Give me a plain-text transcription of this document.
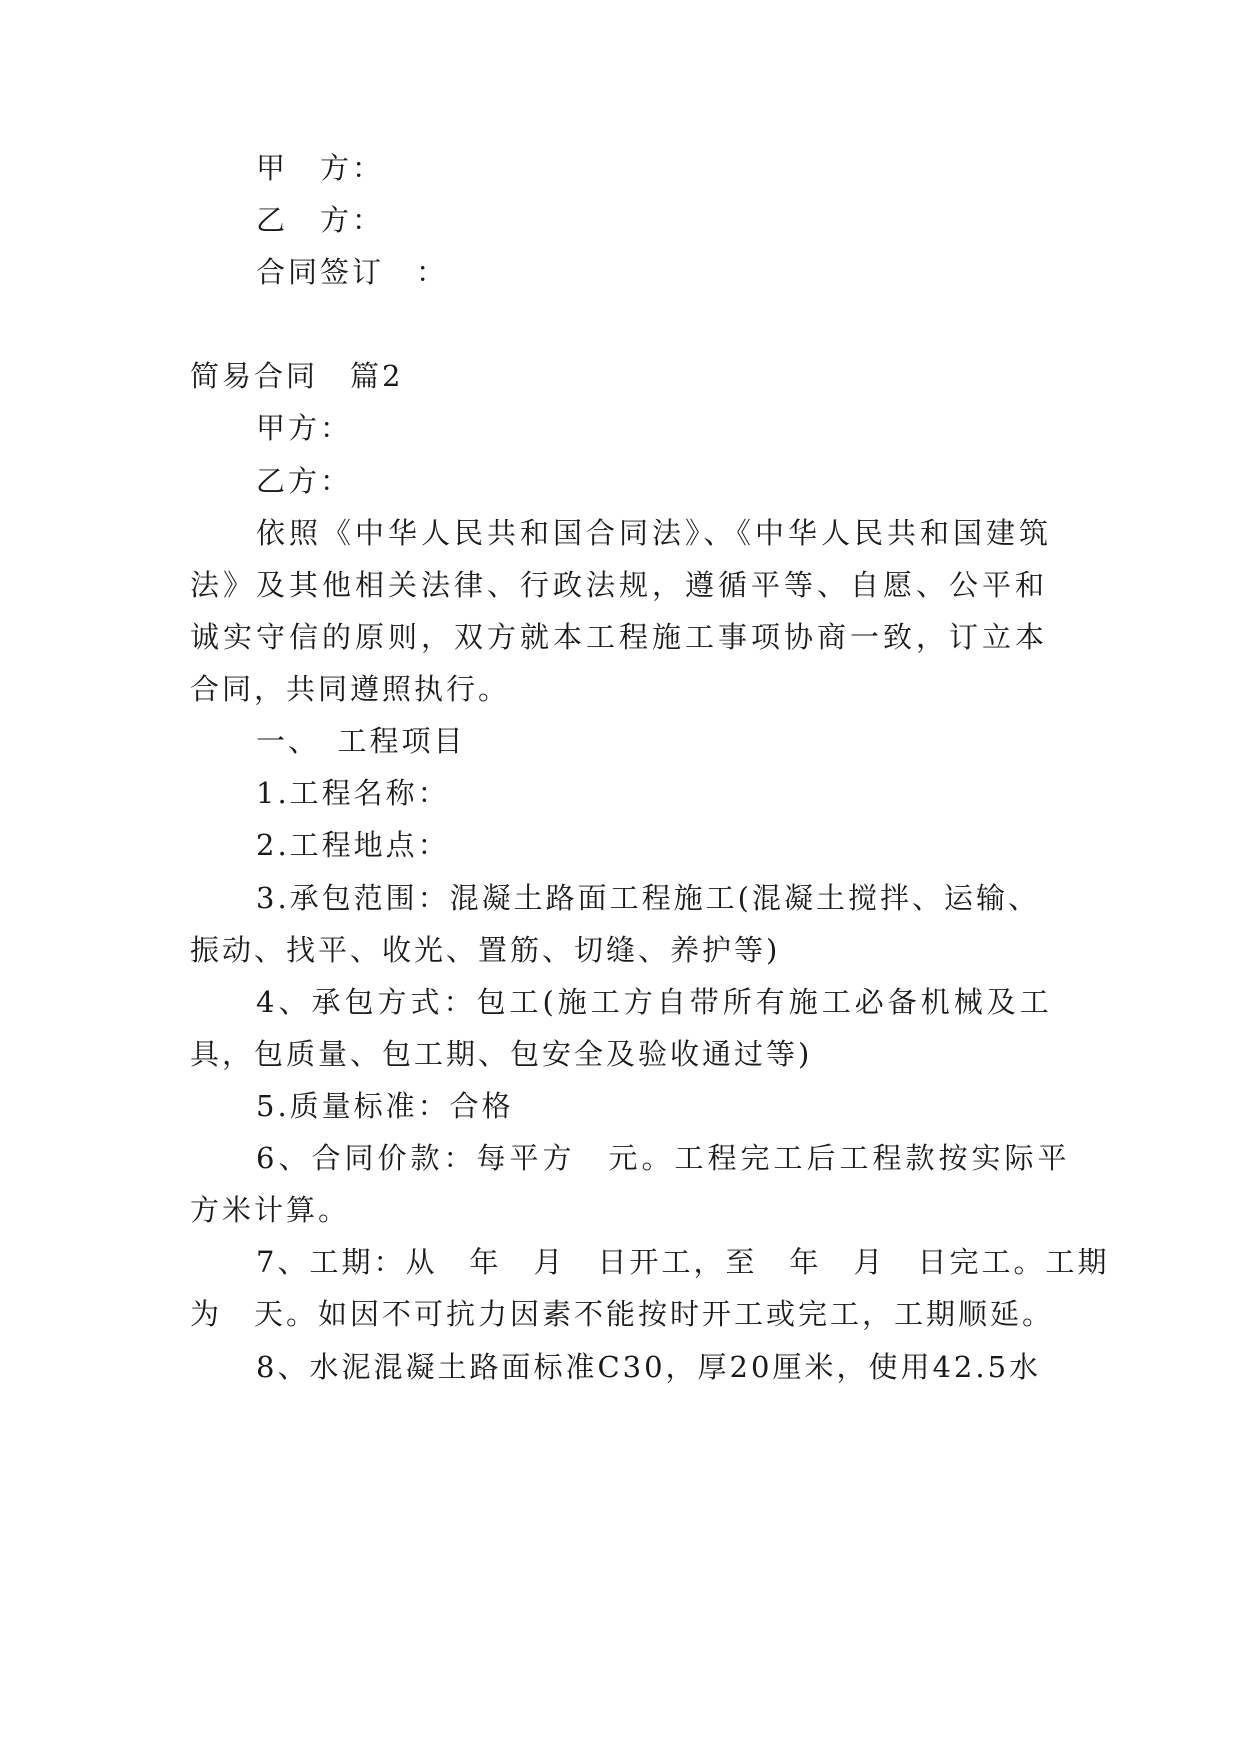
甲　方：
乙　方：
合同签订　：
简易合同　篇2
甲方：
乙方：
依照《中华人民共和国合同法》、《中华人民共和国建筑
法》及其他相关法律、行政法规，遵循平等、自愿、公平和
诚实守信的原则，双方就本工程施工事项协商一致，订立本
合同，共同遵照执行。
一、　工程项目
1.工程名称：
2.工程地点：
3.承包范围：混凝土路面工程施工(混凝土搅拌、运输、
振动、找平、收光、置筋、切缝、养护等)
4、承包方式：包工(施工方自带所有施工必备机械及工
具，包质量、包工期、包安全及验收通过等)
5.质量标准：合格
6、合同价款：每平方　元。工程完工后工程款按实际平
方米计算。
7、工期：从　年　月　日开工，至　年　月　日完工。工期
为　天。如因不可抗力因素不能按时开工或完工，工期顺延。
8、水泥混凝土路面标准C30，厚20厘米，使用42.5水
